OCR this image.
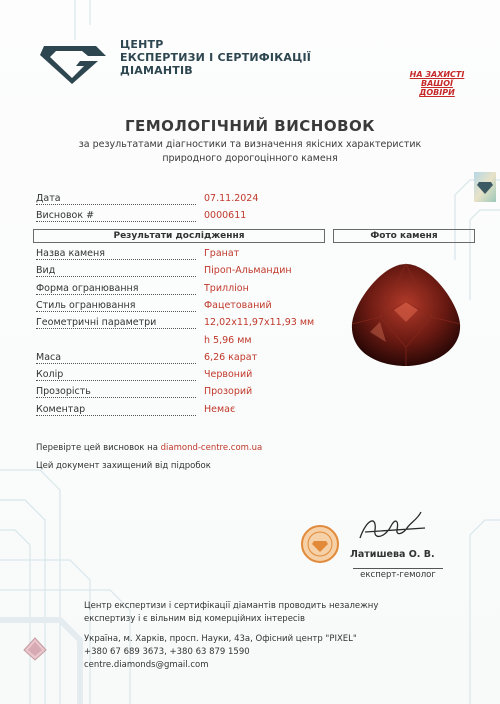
ЦЕНТР
ЕКСПЕРТИЗИ І СЕРТИФІКАЦІЇ
ДІАМАНТІВ	НА ЗАХИСТІ
ВАШОЇ
ДОВІРИ
ГЕМОЛОГІЧНИЙ ВИСНОВОК
за результатами діагностики та визначення якісних характеристик
природного дорогоцінного каменя
Дата	07.11.2024
Висновок #	0000611
Результати дослідження	Фото каменя
Назва каменя	Гранат
Вид	Піроп-Альмандин
Форма огранювання	Трилліон
Стиль огранювання	Фацетований
Геометричні параметри	12,02x11,97x11,93 мм
h 5,96 мм
Маса	6,26 карат
Колір	Червоний
Прозорість	Прозорий
Коментар	Немає
Перевірте цей висновок на diamond-centre.com.ua
Цей документ захищений від підробок
Латишева О. В.
експерт-гемолог
Центр експертизи і сертифікації діамантів проводить незалежну
експертизу і є вільним від комерційних інтересів
Україна, м. Харків, просп. Науки, 43а, Офісний центр "PIXEL"
+380 67 689 3673, +380 63 879 1590
centre.diamonds@gmail.com
